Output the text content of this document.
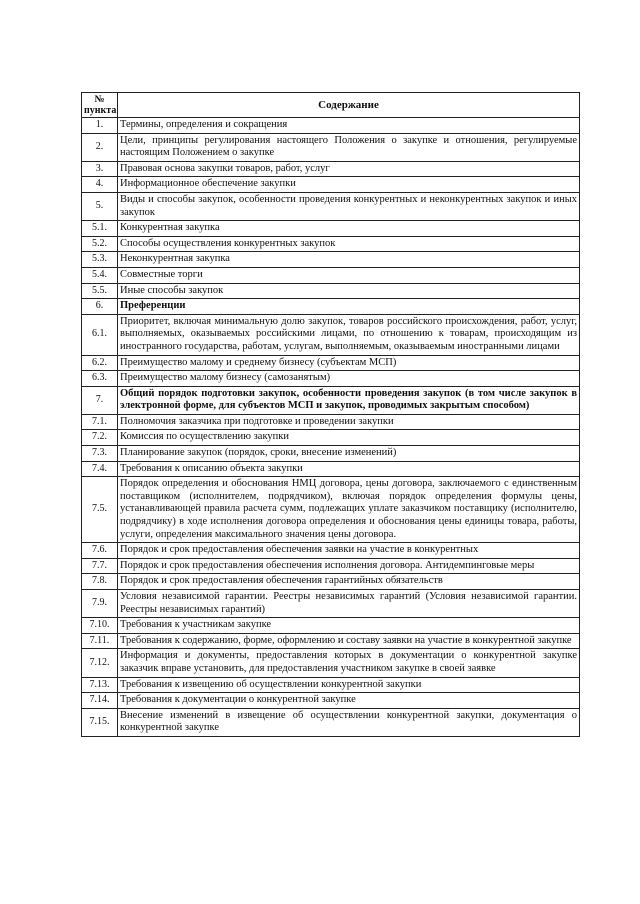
№
пункта	Содержание
1.	Термины, определения и сокращения
2.	Цели, принципы регулирования настоящего Положения о закупке и отношения, регулируемые настоящим Положением о закупке
3.	Правовая основа закупки товаров, работ, услуг
4.	Информационное обеспечение закупки
5.	Виды и способы закупок, особенности проведения конкурентных и неконкурентных закупок и иных закупок
5.1.	Конкурентная закупка
5.2.	Способы осуществления конкурентных закупок
5.3.	Неконкурентная закупка
5.4.	Совместные торги
5.5.	Иные способы закупок
6.	Преференции
6.1.	Приоритет, включая минимальную долю закупок, товаров российского происхождения, работ, услуг, выполняемых, оказываемых российскими лицами, по отношению к товарам, происходящим из иностранного государства, работам, услугам, выполняемым, оказываемым иностранными лицами
6.2.	Преимущество малому и среднему бизнесу (субъектам МСП)
6.3.	Преимущество малому бизнесу (самозанятым)
7.	Общий порядок подготовки закупок, особенности проведения закупок (в том числе закупок в электронной форме, для субъектов МСП и закупок, проводимых закрытым способом)
7.1.	Полномочия заказчика при подготовке и проведении закупки
7.2.	Комиссия по осуществлению закупки
7.3.	Планирование закупок (порядок, сроки, внесение изменений)
7.4.	Требования к описанию объекта закупки
7.5.	Порядок определения и обоснования НМЦ договора, цены договора, заключаемого с единственным поставщиком (исполнителем, подрядчиком), включая порядок определения формулы цены, устанавливающей правила расчета сумм, подлежащих уплате заказчиком поставщику (исполнителю, подрядчику) в ходе исполнения договора определения и обоснования цены единицы товара, работы, услуги, определения максимального значения цены договора.
7.6.	Порядок и срок предоставления обеспечения заявки на участие в конкурентных
7.7.	Порядок и срок предоставления обеспечения исполнения договора. Антидемпинговые меры
7.8.	Порядок и срок предоставления обеспечения гарантийных обязательств
7.9.	Условия независимой гарантии. Реестры независимых гарантий (Условия независимой гарантии. Реестры независимых гарантий)
7.10.	Требования к участникам закупке
7.11.	Требования к содержанию, форме, оформлению и составу заявки на участие в конкурентной закупке
7.12.	Информация и документы, предоставления которых в документации о конкурентной закупке заказчик вправе установить, для предоставления участником закупке в своей заявке
7.13.	Требования к извещению об осуществлении конкурентной закупки
7.14.	Требования к документации о конкурентной закупке
7.15.	Внесение изменений в извещение об осуществлении конкурентной закупки, документация о конкурентной закупке
